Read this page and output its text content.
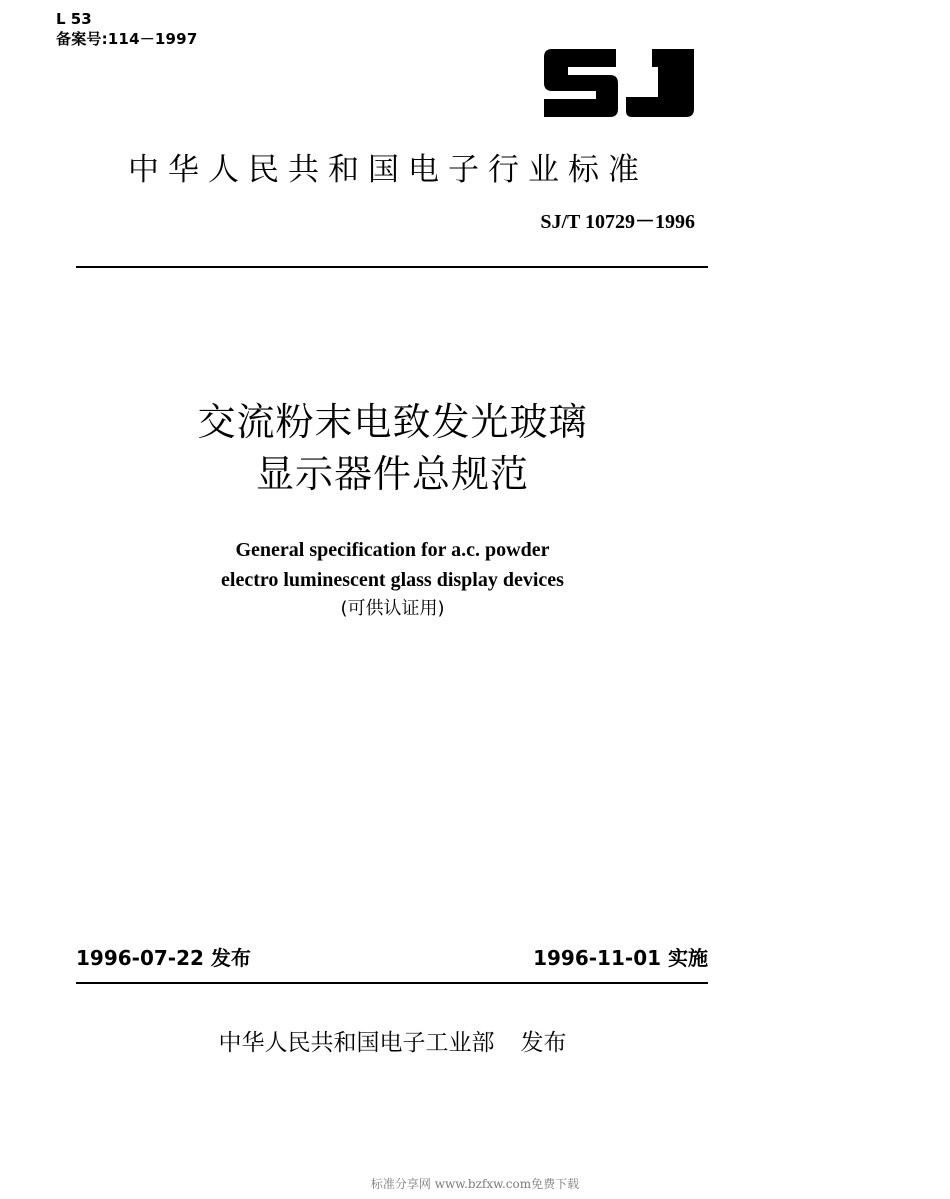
L 53
备案号:114－1997
中华人民共和国电子行业标准
SJ/T 10729－1996
交流粉末电致发光玻璃
显示器件总规范
General specification for a.c. powder
electro luminescent glass display devices
(可供认证用)
1996-07-22 发布	1996-11-01 实施
中华人民共和国电子工业部 发布
标准分享网 www.bzfxw.com免费下载
